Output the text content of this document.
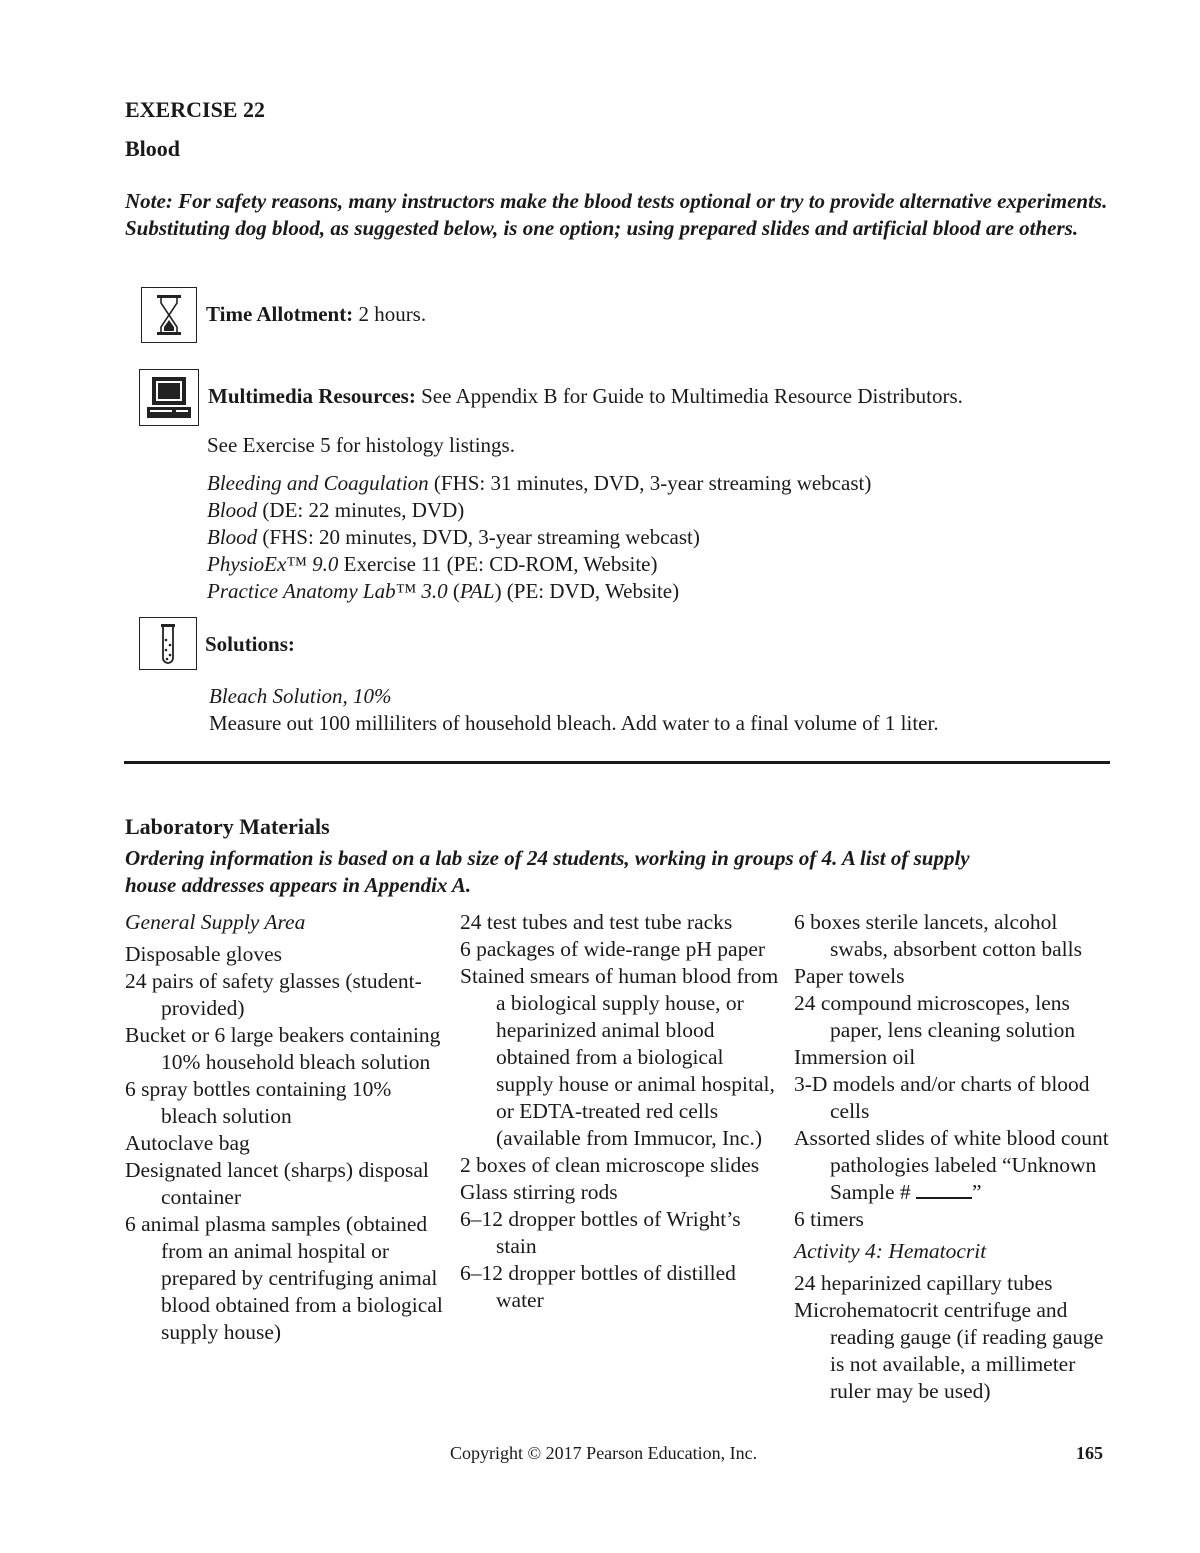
EXERCISE 22
Blood
Note: For safety reasons, many instructors make the blood tests optional or try to provide alternative experiments. Substituting dog blood, as suggested below, is one option; using prepared slides and artificial blood are others.
Time Allotment: 2 hours.
Multimedia Resources: See Appendix B for Guide to Multimedia Resource Distributors.
See Exercise 5 for histology listings.
Bleeding and Coagulation (FHS: 31 minutes, DVD, 3-year streaming webcast)
Blood (DE: 22 minutes, DVD)
Blood (FHS: 20 minutes, DVD, 3-year streaming webcast)
PhysioEx™ 9.0 Exercise 11 (PE: CD-ROM, Website)
Practice Anatomy Lab™ 3.0 (PAL) (PE: DVD, Website)
Solutions:
Bleach Solution, 10%
Measure out 100 milliliters of household bleach. Add water to a final volume of 1 liter.
Laboratory Materials
Ordering information is based on a lab size of 24 students, working in groups of 4. A list of supply house addresses appears in Appendix A.
General Supply Area
Disposable gloves
24 pairs of safety glasses (student-provided)
Bucket or 6 large beakers containing 10% household bleach solution
6 spray bottles containing 10% bleach solution
Autoclave bag
Designated lancet (sharps) disposal container
6 animal plasma samples (obtained from an animal hospital or prepared by centrifuging animal blood obtained from a biological supply house)
24 test tubes and test tube racks
6 packages of wide-range pH paper
Stained smears of human blood from a biological supply house, or heparinized animal blood obtained from a biological supply house or animal hospital, or EDTA-treated red cells (available from Immucor, Inc.)
2 boxes of clean microscope slides
Glass stirring rods
6–12 dropper bottles of Wright’s stain
6–12 dropper bottles of distilled water
6 boxes sterile lancets, alcohol swabs, absorbent cotton balls
Paper towels
24 compound microscopes, lens paper, lens cleaning solution
Immersion oil
3-D models and/or charts of blood cells
Assorted slides of white blood count pathologies labeled “Unknown Sample #	”
6 timers
Activity 4: Hematocrit
24 heparinized capillary tubes
Microhematocrit centrifuge and reading gauge (if reading gauge is not available, a millimeter ruler may be used)
Copyright © 2017 Pearson Education, Inc.	165
